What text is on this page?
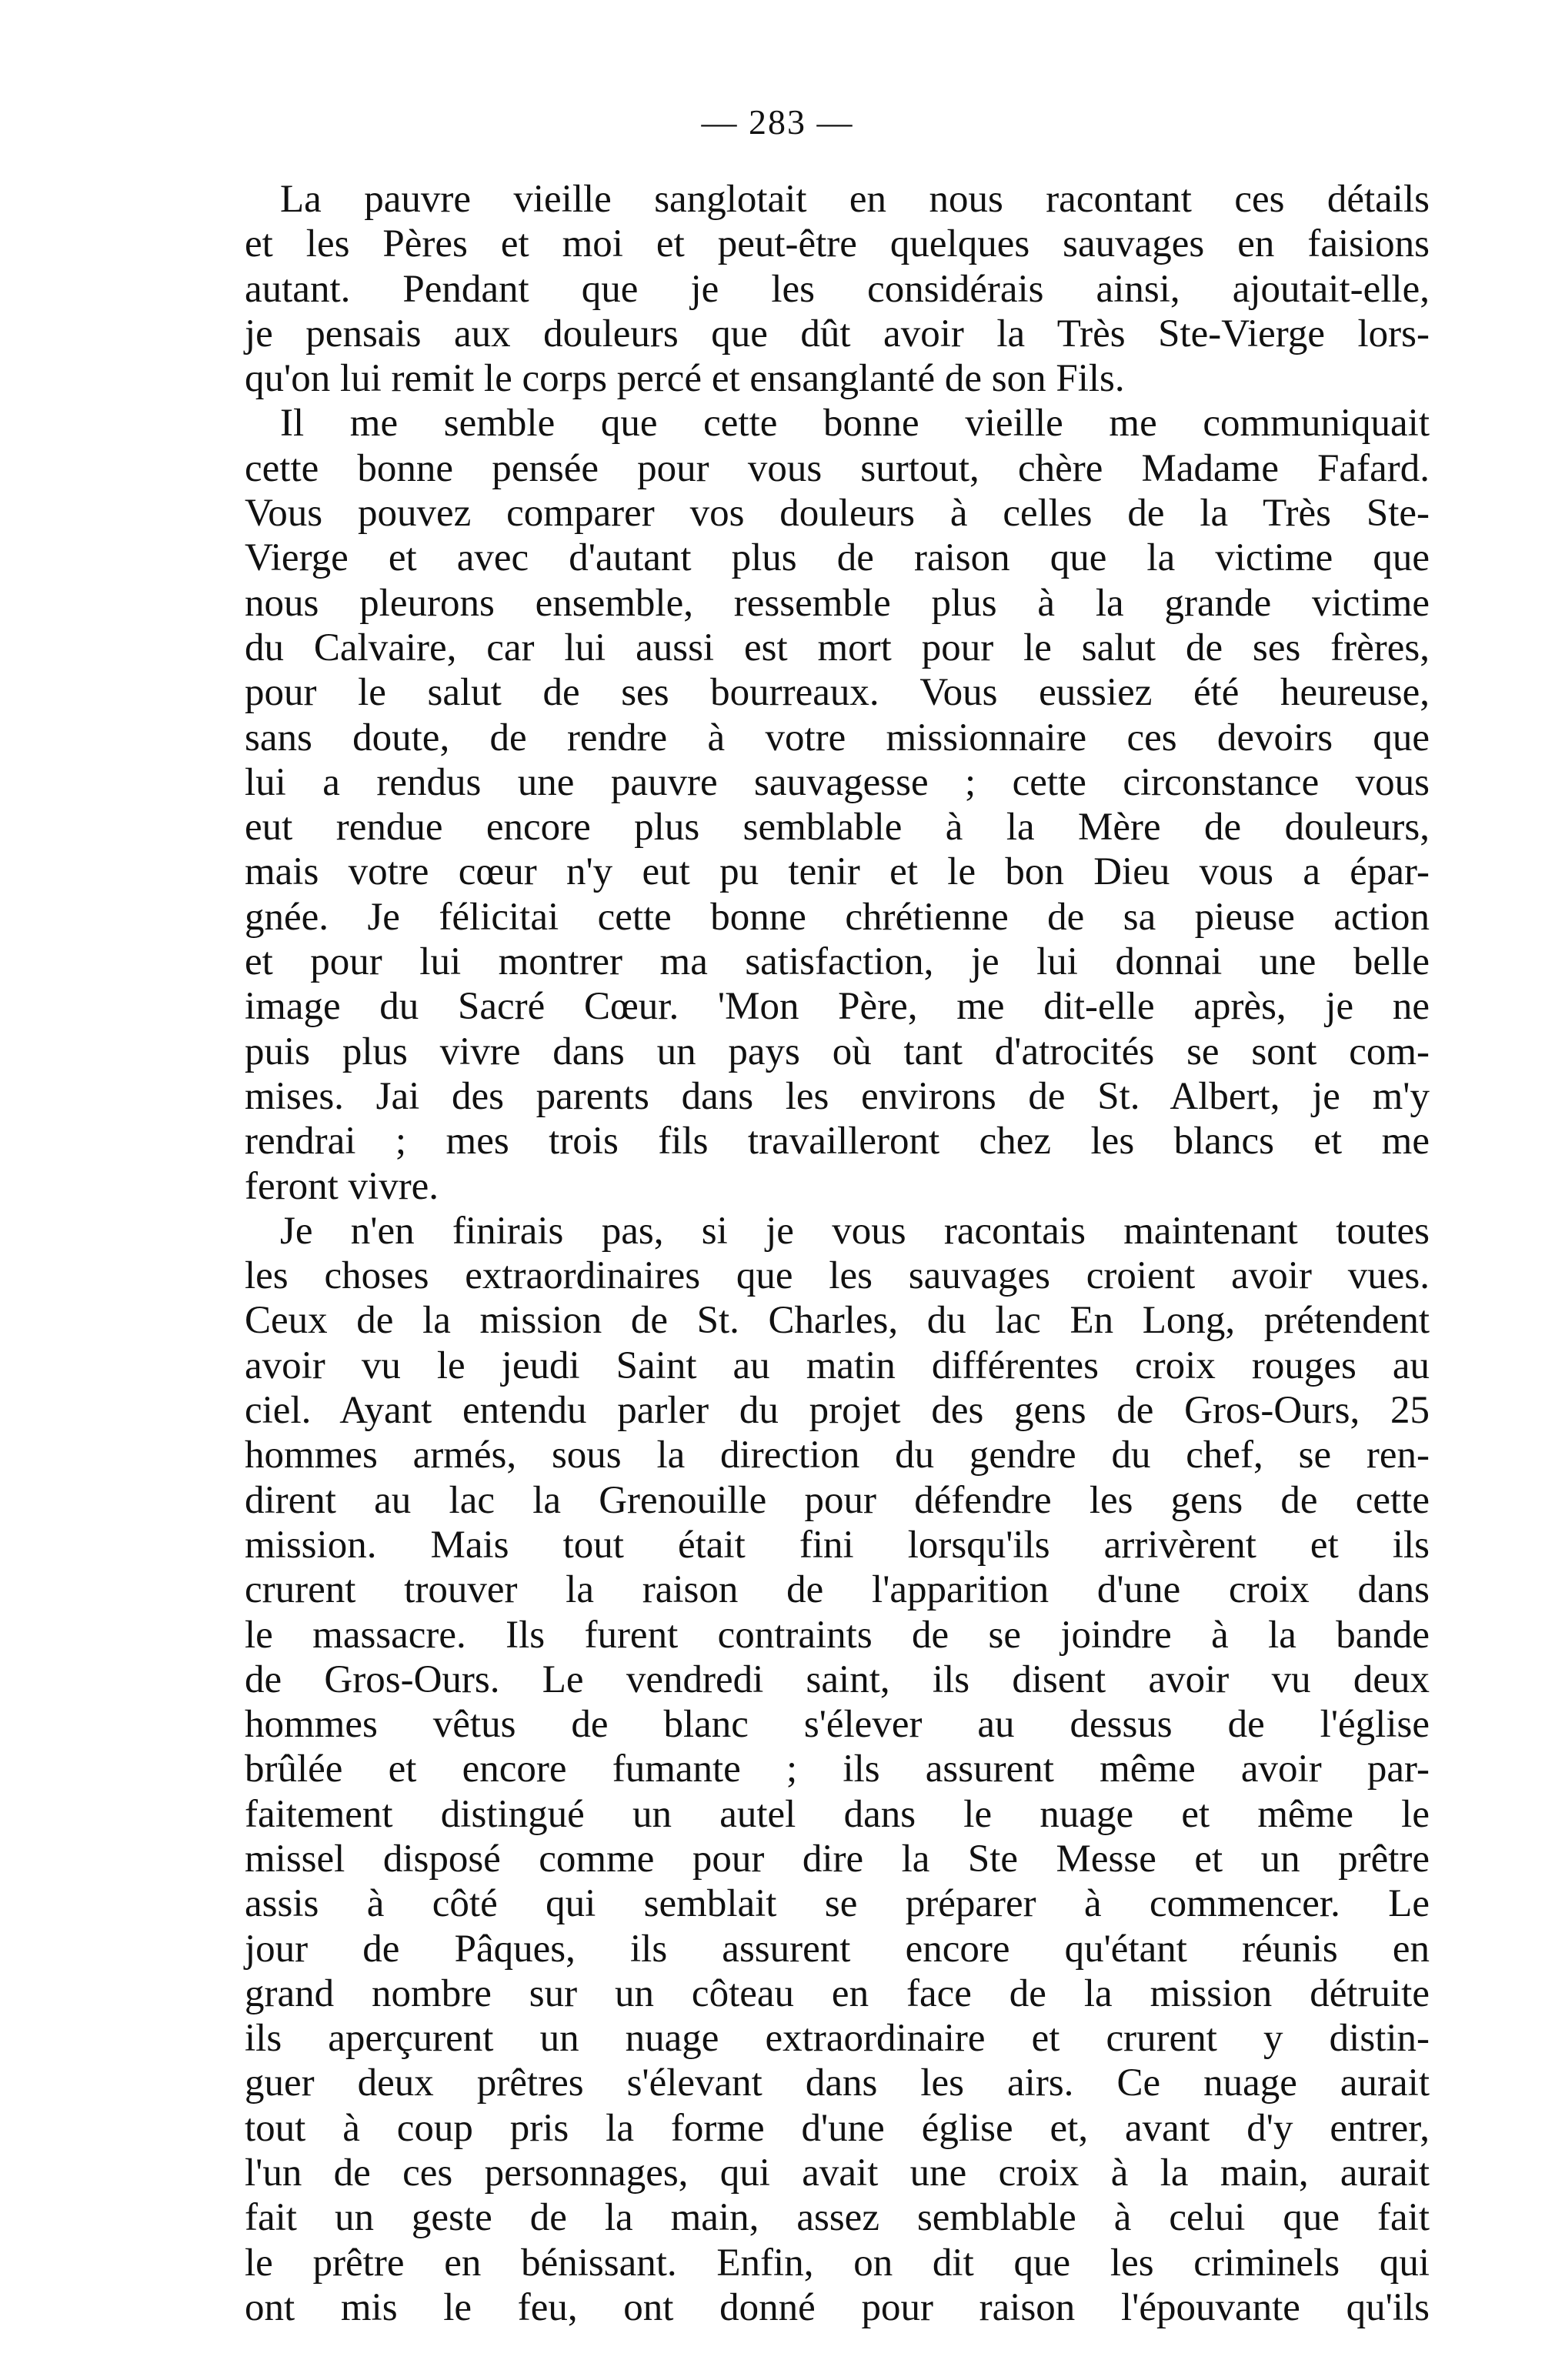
— 283 —
La pauvre vieille sanglotait en nous racontant ces détails
et les Pères et moi et peut-être quelques sauvages en faisions
autant. Pendant que je les considérais ainsi, ajoutait-elle,
je pensais aux douleurs que dût avoir la Très Ste-Vierge lors-
qu'on lui remit le corps percé et ensanglanté de son Fils.
Il me semble que cette bonne vieille me communiquait
cette bonne pensée pour vous surtout, chère Madame Fafard.
Vous pouvez comparer vos douleurs à celles de la Très Ste-
Vierge et avec d'autant plus de raison que la victime que
nous pleurons ensemble, ressemble plus à la grande victime
du Calvaire, car lui aussi est mort pour le salut de ses frères,
pour le salut de ses bourreaux. Vous eussiez été heureuse,
sans doute, de rendre à votre missionnaire ces devoirs que
lui a rendus une pauvre sauvagesse ; cette circonstance vous
eut rendue encore plus semblable à la Mère de douleurs,
mais votre cœur n'y eut pu tenir et le bon Dieu vous a épar-
gnée. Je félicitai cette bonne chrétienne de sa pieuse action
et pour lui montrer ma satisfaction, je lui donnai une belle
image du Sacré Cœur. 'Mon Père, me dit-elle après, je ne
puis plus vivre dans un pays où tant d'atrocités se sont com-
mises. Jai des parents dans les environs de St. Albert, je m'y
rendrai ; mes trois fils travailleront chez les blancs et me
feront vivre.
Je n'en finirais pas, si je vous racontais maintenant toutes
les choses extraordinaires que les sauvages croient avoir vues.
Ceux de la mission de St. Charles, du lac En Long, prétendent
avoir vu le jeudi Saint au matin différentes croix rouges au
ciel. Ayant entendu parler du projet des gens de Gros-Ours, 25
hommes armés, sous la direction du gendre du chef, se ren-
dirent au lac la Grenouille pour défendre les gens de cette
mission. Mais tout était fini lorsqu'ils arrivèrent et ils
crurent trouver la raison de l'apparition d'une croix dans
le massacre. Ils furent contraints de se joindre à la bande
de Gros-Ours. Le vendredi saint, ils disent avoir vu deux
hommes vêtus de blanc s'élever au dessus de l'église
brûlée et encore fumante ; ils assurent même avoir par-
faitement distingué un autel dans le nuage et même le
missel disposé comme pour dire la Ste Messe et un prêtre
assis à côté qui semblait se préparer à commencer. Le
jour de Pâques, ils assurent encore qu'étant réunis en
grand nombre sur un côteau en face de la mission détruite
ils aperçurent un nuage extraordinaire et crurent y distin-
guer deux prêtres s'élevant dans les airs. Ce nuage aurait
tout à coup pris la forme d'une église et, avant d'y entrer,
l'un de ces personnages, qui avait une croix à la main, aurait
fait un geste de la main, assez semblable à celui que fait
le prêtre en bénissant. Enfin, on dit que les criminels qui
ont mis le feu, ont donné pour raison l'épouvante qu'ils
